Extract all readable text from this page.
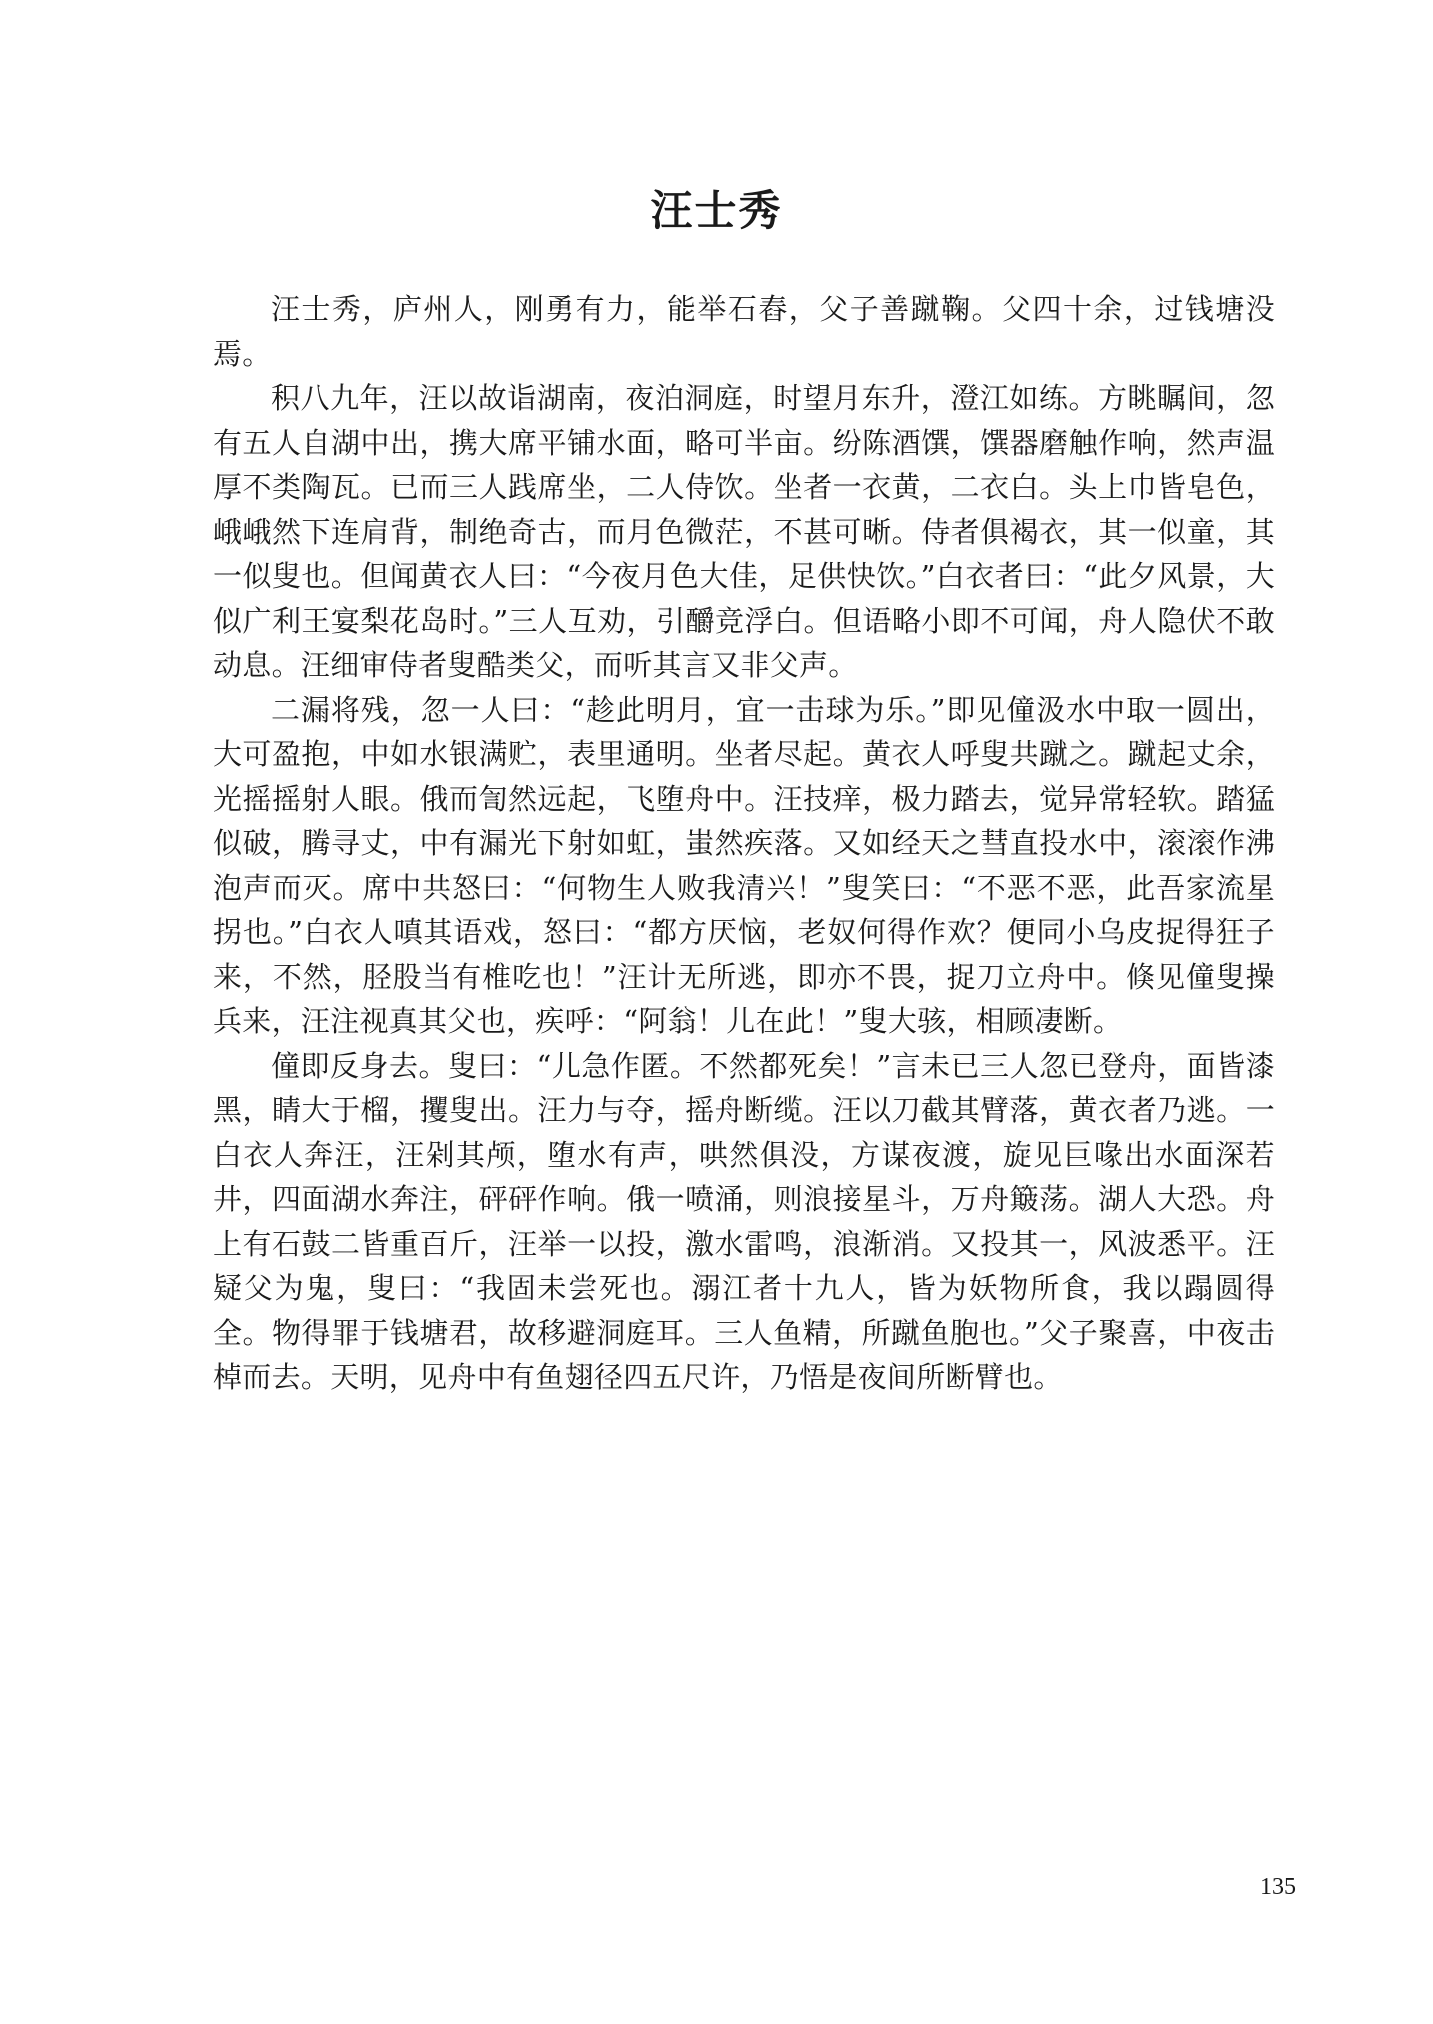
汪士秀

汪士秀，庐州人，刚勇有力，能举石舂，父子善蹴鞠。父四十余，过钱塘没焉。

积八九年，汪以故诣湖南，夜泊洞庭，时望月东升，澄江如练。方眺瞩间，忽有五人自湖中出，携大席平铺水面，略可半亩。纷陈酒馔，馔器磨触作响，然声温厚不类陶瓦。已而三人践席坐，二人侍饮。坐者一衣黄，二衣白。头上巾皆皂色，峨峨然下连肩背，制绝奇古，而月色微茫，不甚可晰。侍者俱褐衣，其一似童，其一似叟也。但闻黄衣人曰：“今夜月色大佳，足供快饮。”白衣者曰：“此夕风景，大似广利王宴梨花岛时。”三人互劝，引釂竞浮白。但语略小即不可闻，舟人隐伏不敢动息。汪细审侍者叟酷类父，而听其言又非父声。

二漏将残，忽一人曰：“趁此明月，宜一击球为乐。”即见僮汲水中取一圆出，大可盈抱，中如水银满贮，表里通明。坐者尽起。黄衣人呼叟共蹴之。蹴起丈余，光摇摇射人眼。俄而訇然远起，飞堕舟中。汪技痒，极力踏去，觉异常轻软。踏猛似破，腾寻丈，中有漏光下射如虹，蚩然疾落。又如经天之彗直投水中，滚滚作沸泡声而灭。席中共怒曰：“何物生人败我清兴！”叟笑曰：“不恶不恶，此吾家流星拐也。”白衣人嗔其语戏，怒曰：“都方厌恼，老奴何得作欢？便同小乌皮捉得狂子来，不然，胫股当有椎吃也！”汪计无所逃，即亦不畏，捉刀立舟中。倏见僮叟操兵来，汪注视真其父也，疾呼：“阿翁！儿在此！”叟大骇，相顾凄断。

僮即反身去。叟曰：“儿急作匿。不然都死矣！”言未已三人忽已登舟，面皆漆黑，睛大于榴，攫叟出。汪力与夺，摇舟断缆。汪以刀截其臂落，黄衣者乃逃。一白衣人奔汪，汪剁其颅，堕水有声，哄然俱没，方谋夜渡，旋见巨喙出水面深若井，四面湖水奔注，砰砰作响。俄一喷涌，则浪接星斗，万舟簸荡。湖人大恐。舟上有石鼓二皆重百斤，汪举一以投，激水雷鸣，浪渐消。又投其一，风波悉平。汪疑父为鬼，叟曰：“我固未尝死也。溺江者十九人，皆为妖物所食，我以蹋圆得全。物得罪于钱塘君，故移避洞庭耳。三人鱼精，所蹴鱼胞也。”父子聚喜，中夜击棹而去。天明，见舟中有鱼翅径四五尺许，乃悟是夜间所断臂也。

135
